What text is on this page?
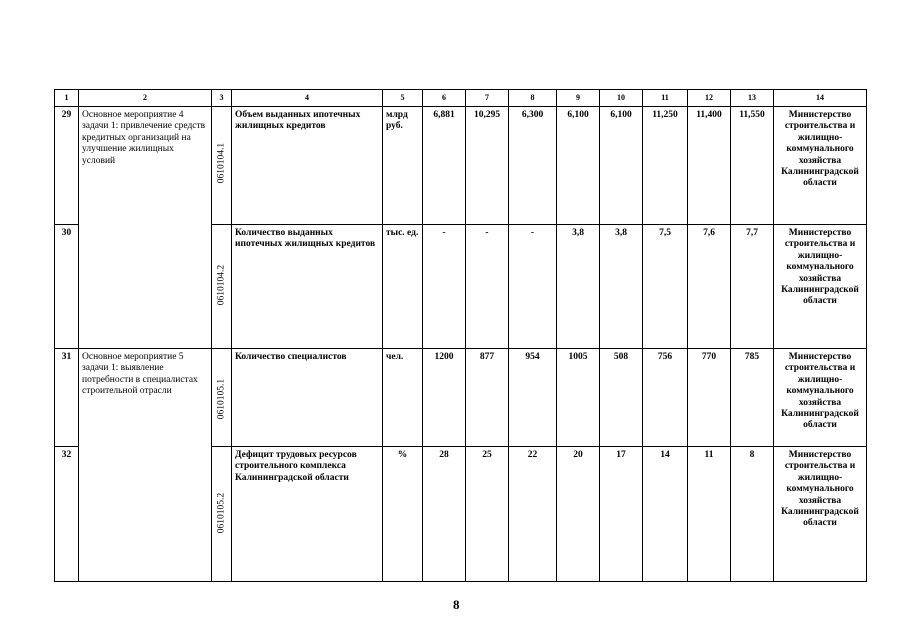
1	2	3	4	5	6	7	8	9	10	11	12	13	14
29	Основное мероприятие 4 задачи 1: привлечение средств кредитных организаций на улучшение жилищных условий	0610104.1	Объем выданных ипотечных жилищных кредитов	млрд руб.	6,881	10,295	6,300	6,100	6,100	11,250	11,400	11,550	Министерство строительства и жилищно-коммунального хозяйства Калининградской области
30		0610104.2	Количество выданных ипотечных жилищных кредитов	тыс. ед.	-	-	-	3,8	3,8	7,5	7,6	7,7	Министерство строительства и жилищно-коммунального хозяйства Калининградской области
31	Основное мероприятие 5 задачи 1: выявление потребности в специалистах строительной отрасли	0610105.1	Количество специалистов	чел.	1200	877	954	1005	508	756	770	785	Министерство строительства и жилищно-коммунального хозяйства Калининградской области
32		0610105.2	Дефицит трудовых ресурсов строительного комплекса Калининградской области	%	28	25	22	20	17	14	11	8	Министерство строительства и жилищно-коммунального хозяйства Калининградской области
8
